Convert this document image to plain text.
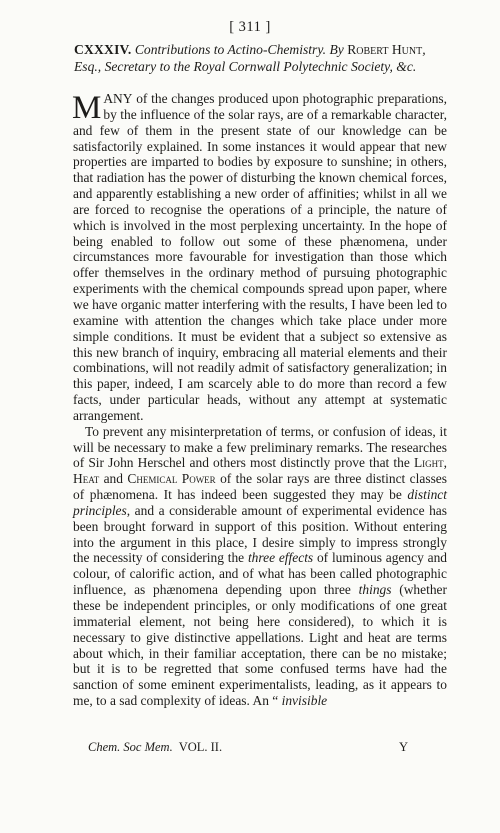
[ 311 ]
CXXXIV. Contributions to Actino-Chemistry. By Robert Hunt, Esq., Secretary to the Royal Cornwall Polytechnic Society, &c.

MANY of the changes produced upon photographic preparations, by the influence of the solar rays, are of a remarkable character, and few of them in the present state of our knowledge can be satisfactorily explained. In some instances it would appear that new properties are imparted to bodies by exposure to sunshine; in others, that radiation has the power of disturbing the known chemical forces, and apparently establishing a new order of affinities; whilst in all we are forced to recognise the operations of a principle, the nature of which is involved in the most perplexing uncertainty. In the hope of being enabled to follow out some of these phænomena, under circumstances more favourable for investigation than those which offer themselves in the ordinary method of pursuing photographic experiments with the chemical compounds spread upon paper, where we have organic matter interfering with the results, I have been led to examine with attention the changes which take place under more simple conditions. It must be evident that a subject so extensive as this new branch of inquiry, embracing all material elements and their combinations, will not readily admit of satisfactory generalization; in this paper, indeed, I am scarcely able to do more than record a few facts, under particular heads, without any attempt at systematic arrangement.

To prevent any misinterpretation of terms, or confusion of ideas, it will be necessary to make a few preliminary remarks. The researches of Sir John Herschel and others most distinctly prove that the Light, Heat and Chemical Power of the solar rays are three distinct classes of phænomena. It has indeed been suggested they may be distinct principles, and a considerable amount of experimental evidence has been brought forward in support of this position. Without entering into the argument in this place, I desire simply to impress strongly the necessity of considering the three effects of luminous agency and colour, of calorific action, and of what has been called photographic influence, as phænomena depending upon three things (whether these be independent principles, or only modifications of one great immaterial element, not being here considered), to which it is necessary to give distinctive appellations. Light and heat are terms about which, in their familiar acceptation, there can be no mistake; but it is to be regretted that some confused terms have had the sanction of some eminent experimentalists, leading, as it appears to me, to a sad complexity of ideas. An “ invisible

Chem. Soc Mem. VOL. II.	Y
